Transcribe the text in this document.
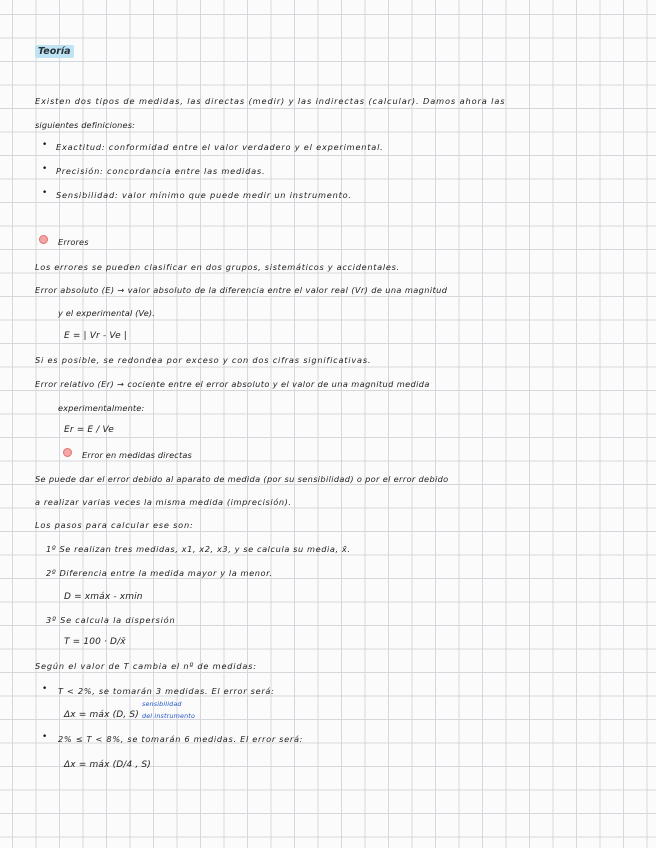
Teoría
Existen dos tipos de medidas, las directas (medir) y las indirectas (calcular). Damos ahora las
siguientes definiciones:
• Exactitud: conformidad entre el valor verdadero y el experimental.
• Precisión: concordancia entre las medidas.
• Sensibilidad: valor mínimo que puede medir un instrumento.
Errores
Los errores se pueden clasificar en dos grupos, sistemáticos y accidentales.
Error absoluto (E) → valor absoluto de la diferencia entre el valor real (Vr) de una magnitud
y el experimental (Ve).
E = | Vr - Ve |
Si es posible, se redondea por exceso y con dos cifras significativas.
Error relativo (Er) → cociente entre el error absoluto y el valor de una magnitud medida
experimentalmente:
Er = E / Ve
Error en medidas directas
Se puede dar el error debido al aparato de medida (por su sensibilidad) o por el error debido
a realizar varias veces la misma medida (imprecisión).
Los pasos para calcular ese son:
1º Se realizan tres medidas, x1, x2, x3, y se calcula su media, x̄.
2º Diferencia entre la medida mayor y la menor.
D = xmáx - xmin
3º Se calcula la dispersión
T = 100 · D/x̄
Según el valor de T cambia el nº de medidas:
• T < 2%, se tomarán 3 medidas. El error será:
sensibilidad
Δx = máx (D, S) del instrumento
• 2% ≤ T < 8%, se tomarán 6 medidas. El error será:
Δx = máx (D/4 , S)
